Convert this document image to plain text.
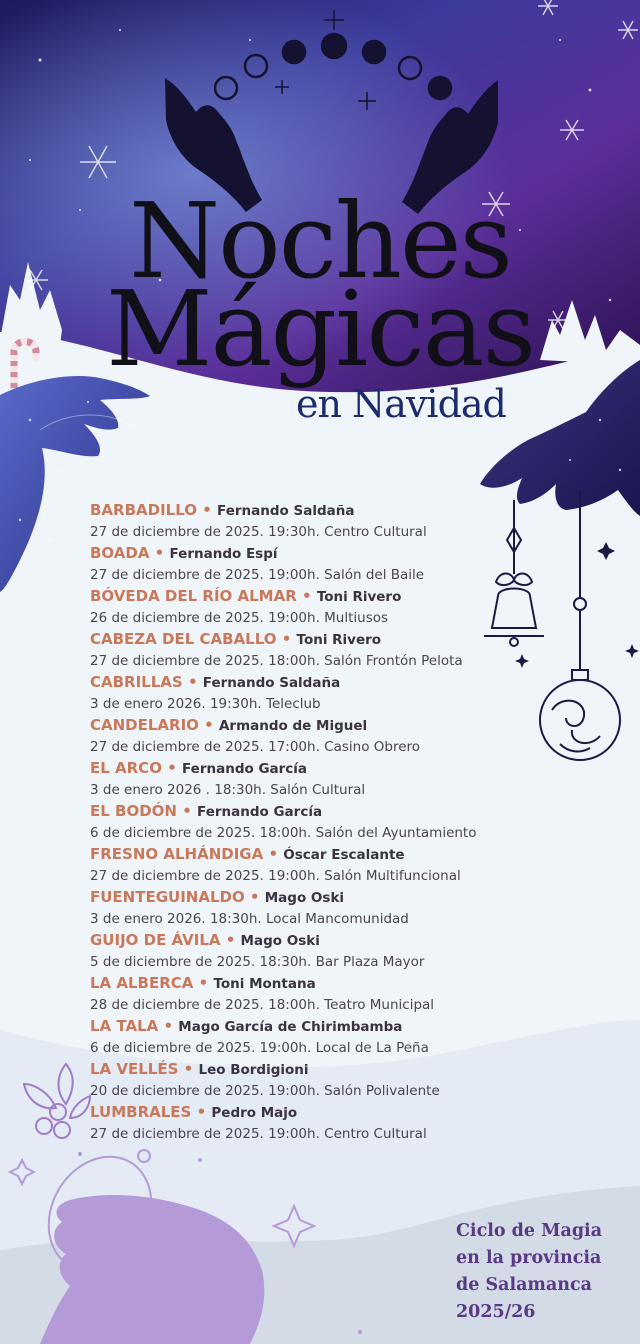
Noches
Mágicas
en Navidad
BARBADILLO • Fernando Saldaña
27 de diciembre de 2025. 19:30h. Centro Cultural
BOADA • Fernando Espí
27 de diciembre de 2025. 19:00h. Salón del Baile
BÓVEDA DEL RÍO ALMAR • Toni Rivero
26 de diciembre de 2025. 19:00h. Multiusos
CABEZA DEL CABALLO • Toni Rivero
27 de diciembre de 2025. 18:00h. Salón Frontón Pelota
CABRILLAS • Fernando Saldaña
3 de enero 2026. 19:30h. Teleclub
CANDELARIO • Armando de Miguel
27 de diciembre de 2025. 17:00h. Casino Obrero
EL ARCO • Fernando García
3 de enero 2026 . 18:30h. Salón Cultural
EL BODÓN • Fernando García
6 de diciembre de 2025. 18:00h. Salón del Ayuntamiento
FRESNO ALHÁNDIGA • Óscar Escalante
27 de diciembre de 2025. 19:00h. Salón Multifuncional
FUENTEGUINALDO • Mago Oski
3 de enero 2026. 18:30h. Local Mancomunidad
GUIJO DE ÁVILA • Mago Oski
5 de diciembre de 2025. 18:30h. Bar Plaza Mayor
LA ALBERCA • Toni Montana
28 de diciembre de 2025. 18:00h. Teatro Municipal
LA TALA • Mago García de Chirimbamba
6 de diciembre de 2025. 19:00h. Local de La Peña
LA VELLÉS • Leo Bordigioni
20 de diciembre de 2025. 19:00h. Salón Polivalente
LUMBRALES • Pedro Majo
27 de diciembre de 2025. 19:00h. Centro Cultural
Ciclo de Magia
en la provincia
de Salamanca
2025/26
